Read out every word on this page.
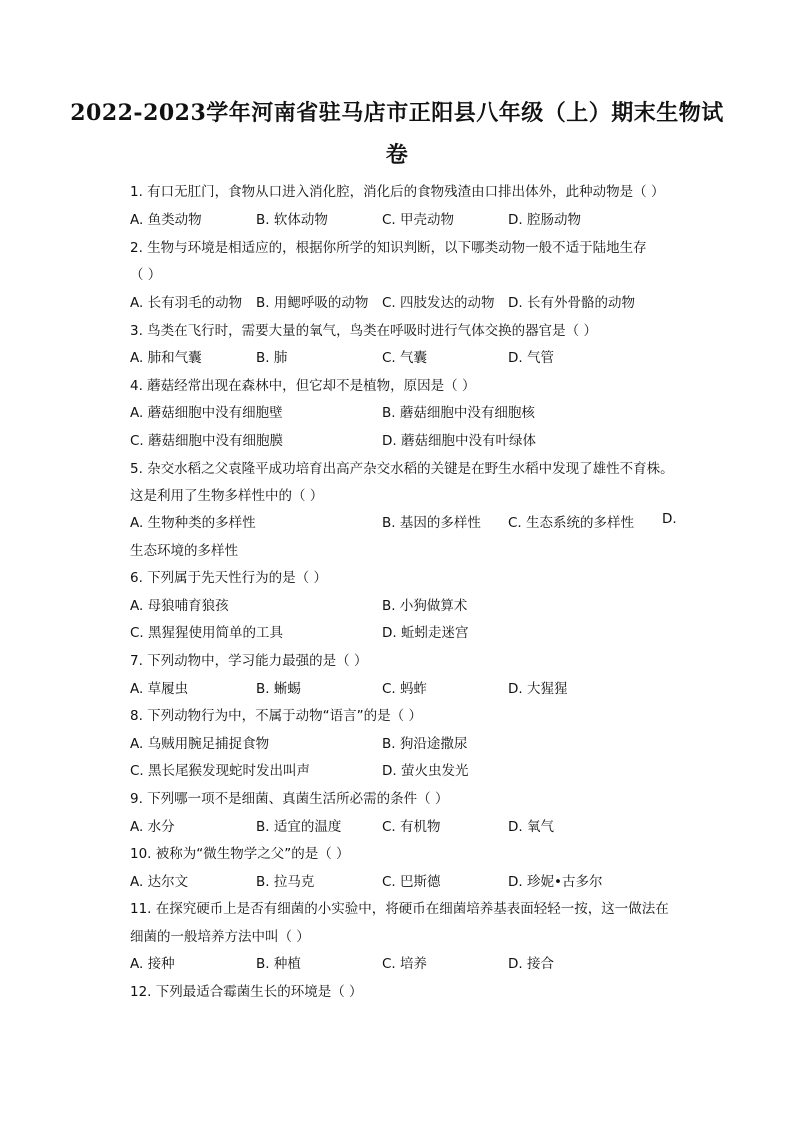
2022-2023学年河南省驻马店市正阳县八年级（上）期末生物试
卷
1. 有口无肛门，食物从口进入消化腔，消化后的食物残渣由口排出体外，此种动物是（ ）
A. 鱼类动物	B. 软体动物	C. 甲壳动物	D. 腔肠动物
2. 生物与环境是相适应的，根据你所学的知识判断，以下哪类动物一般不适于陆地生存
（ ）
A. 长有羽毛的动物 B. 用鳃呼吸的动物 C. 四肢发达的动物 D. 长有外骨骼的动物
3. 鸟类在飞行时，需要大量的氧气，鸟类在呼吸时进行气体交换的器官是（ ）
A. 肺和气囊	B. 肺	C. 气囊	D. 气管
4. 蘑菇经常出现在森林中，但它却不是植物，原因是（ ）
A. 蘑菇细胞中没有细胞壁	B. 蘑菇细胞中没有细胞核
C. 蘑菇细胞中没有细胞膜	D. 蘑菇细胞中没有叶绿体
5. 杂交水稻之父袁隆平成功培育出高产杂交水稻的关键是在野生水稻中发现了雄性不育株。
这是利用了生物多样性中的（ ）
A. 生物种类的多样性	B. 基因的多样性 C. 生态系统的多样性 D.
生态环境的多样性
6. 下列属于先天性行为的是（ ）
A. 母狼哺育狼孩	B. 小狗做算术
C. 黑猩猩使用简单的工具	D. 蚯蚓走迷宫
7. 下列动物中，学习能力最强的是（ ）
A. 草履虫	B. 蜥蜴	C. 蚂蚱	D. 大猩猩
8. 下列动物行为中，不属于动物“语言”的是（ ）
A. 乌贼用腕足捕捉食物	B. 狗沿途撒尿
C. 黑长尾猴发现蛇时发出叫声	D. 萤火虫发光
9. 下列哪一项不是细菌、真菌生活所必需的条件（ ）
A. 水分	B. 适宜的温度	C. 有机物	D. 氧气
10. 被称为“微生物学之父”的是（ ）
A. 达尔文	B. 拉马克	C. 巴斯德	D. 珍妮•古多尔
11. 在探究硬币上是否有细菌的小实验中，将硬币在细菌培养基表面轻轻一按，这一做法在
细菌的一般培养方法中叫（ ）
A. 接种	B. 种植	C. 培养	D. 接合
12. 下列最适合霉菌生长的环境是（ ）
